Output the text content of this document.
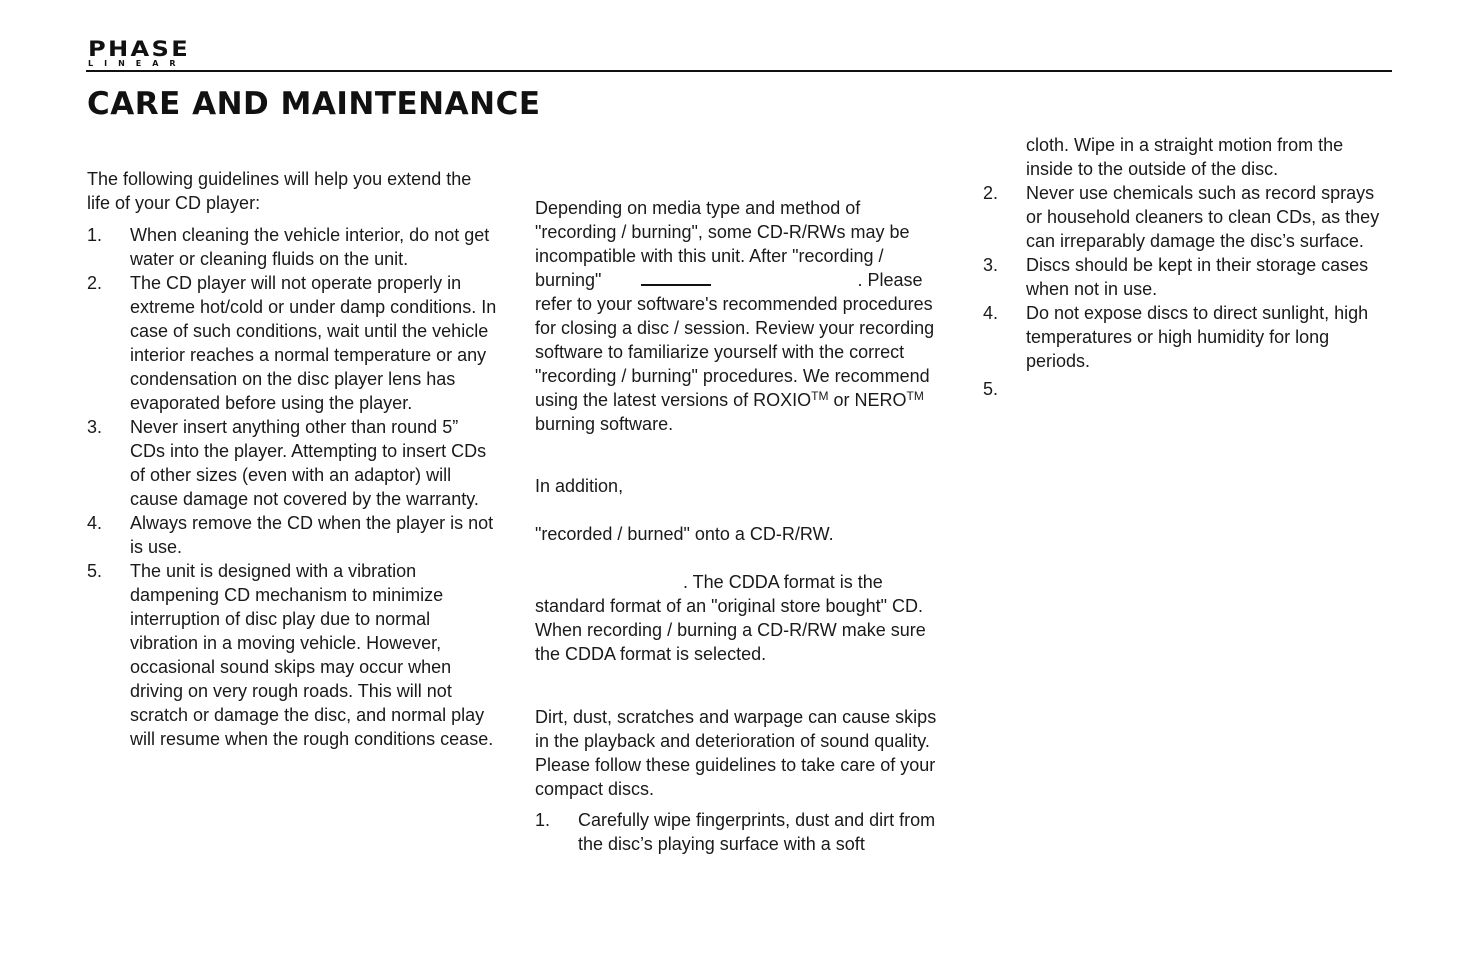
PHASE
LINEAR
CARE AND MAINTENANCE

The following guidelines will help you extend the life of your CD player:

1. When cleaning the vehicle interior, do not get water or cleaning fluids on the unit.
2. The CD player will not operate properly in extreme hot/cold or under damp conditions. In case of such conditions, wait until the vehicle interior reaches a normal temperature or any condensation on the disc player lens has evaporated before using the player.
3. Never insert anything other than round 5” CDs into the player. Attempting to insert CDs of other sizes (even with an adaptor) will cause damage not covered by the warranty.
4. Always remove the CD when the player is not is use.
5. The unit is designed with a vibration dampening CD mechanism to minimize interruption of disc play due to normal vibration in a moving vehicle. However, occasional sound skips may occur when driving on very rough roads. This will not scratch or damage the disc, and normal play will resume when the rough conditions cease.
Depending on media type and method of "recording / burning", some CD-R/RWs may be incompatible with this unit. After "recording / burning"	. Please refer to your software's recommended procedures for closing a disc / session. Review your recording software to familiarize yourself with the correct "recording / burning" procedures. We recommend using the latest versions of ROXIO™ or NERO™ burning software.
In addition,
"recorded / burned" onto a CD-R/RW.
. The CDDA format is the standard format of an "original store bought" CD. When recording / burning a CD-R/RW make sure the CDDA format is selected.

Dirt, dust, scratches and warpage can cause skips in the playback and deterioration of sound quality. Please follow these guidelines to take care of your compact discs.

1. Carefully wipe fingerprints, dust and dirt from the disc’s playing surface with a soft

cloth. Wipe in a straight motion from the inside to the outside of the disc.

2. Never use chemicals such as record sprays or household cleaners to clean CDs, as they can irreparably damage the disc’s surface.
3. Discs should be kept in their storage cases when not in use.
4. Do not expose discs to direct sunlight, high temperatures or high humidity for long periods.
5.
